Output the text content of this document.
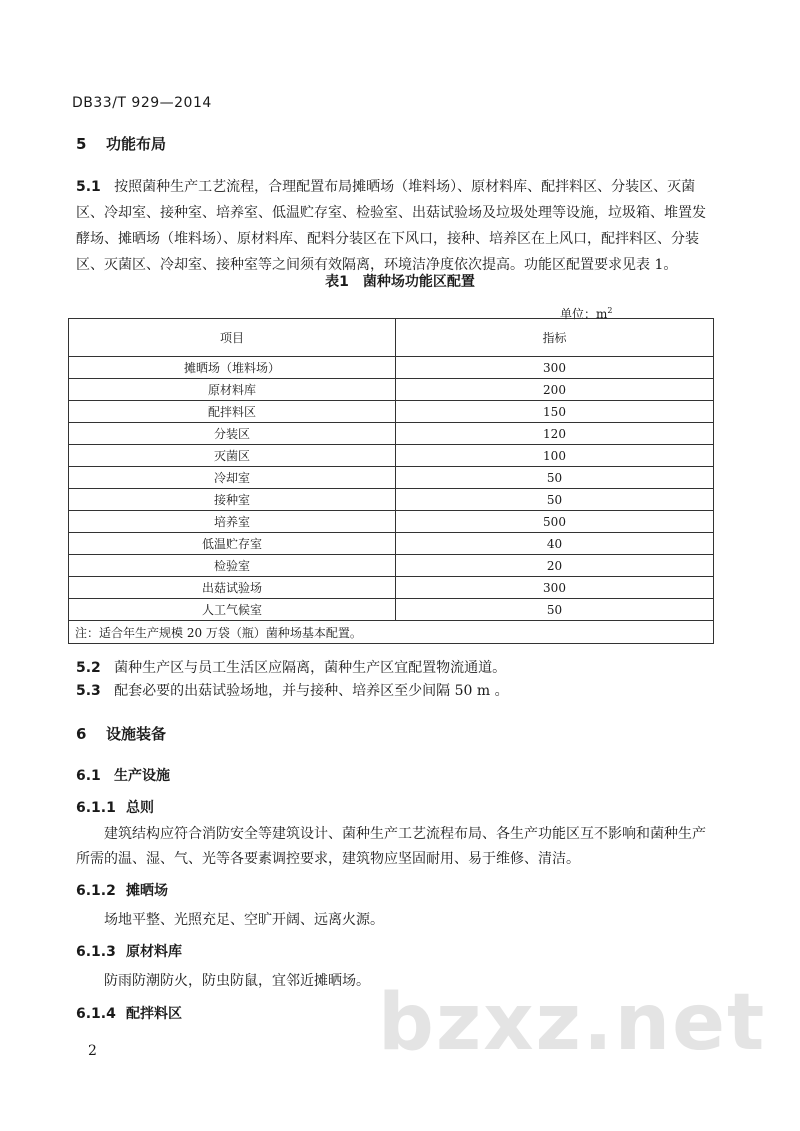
DB33/T 929—2014
5 功能布局
5.1 按照菌种生产工艺流程，合理配置布局摊晒场（堆料场）、原材料库、配拌料区、分装区、灭菌
区、冷却室、接种室、培养室、低温贮存室、检验室、出菇试验场及垃圾处理等设施，垃圾箱、堆置发
酵场、摊晒场（堆料场）、原材料库、配料分装区在下风口，接种、培养区在上风口，配拌料区、分装
区、灭菌区、冷却室、接种室等之间须有效隔离，环境洁净度依次提高。功能区配置要求见表 1。
表1　菌种场功能区配置
单位：$m^2$
项目	指标
摊晒场（堆料场）	300
原材料库	200
配拌料区	150
分装区	120
灭菌区	100
冷却室	50
接种室	50
培养室	500
低温贮存室	40
检验室	20
出菇试验场	300
人工气候室	50
注：适合年生产规模 20 万袋（瓶）菌种场基本配置。	
5.2 菌种生产区与员工生活区应隔离，菌种生产区宜配置物流通道。
5.3 配套必要的出菇试验场地，并与接种、培养区至少间隔 50 m 。
6 设施装备
6.1 生产设施
6.1.1 总则
建筑结构应符合消防安全等建筑设计、菌种生产工艺流程布局、各生产功能区互不影响和菌种生产
所需的温、湿、气、光等各要素调控要求，建筑物应坚固耐用、易于维修、清洁。
6.1.2 摊晒场
场地平整、光照充足、空旷开阔、远离火源。
6.1.3 原材料库
防雨防潮防火，防虫防鼠，宜邻近摊晒场。
6.1.4 配拌料区	bzxz.net
2
